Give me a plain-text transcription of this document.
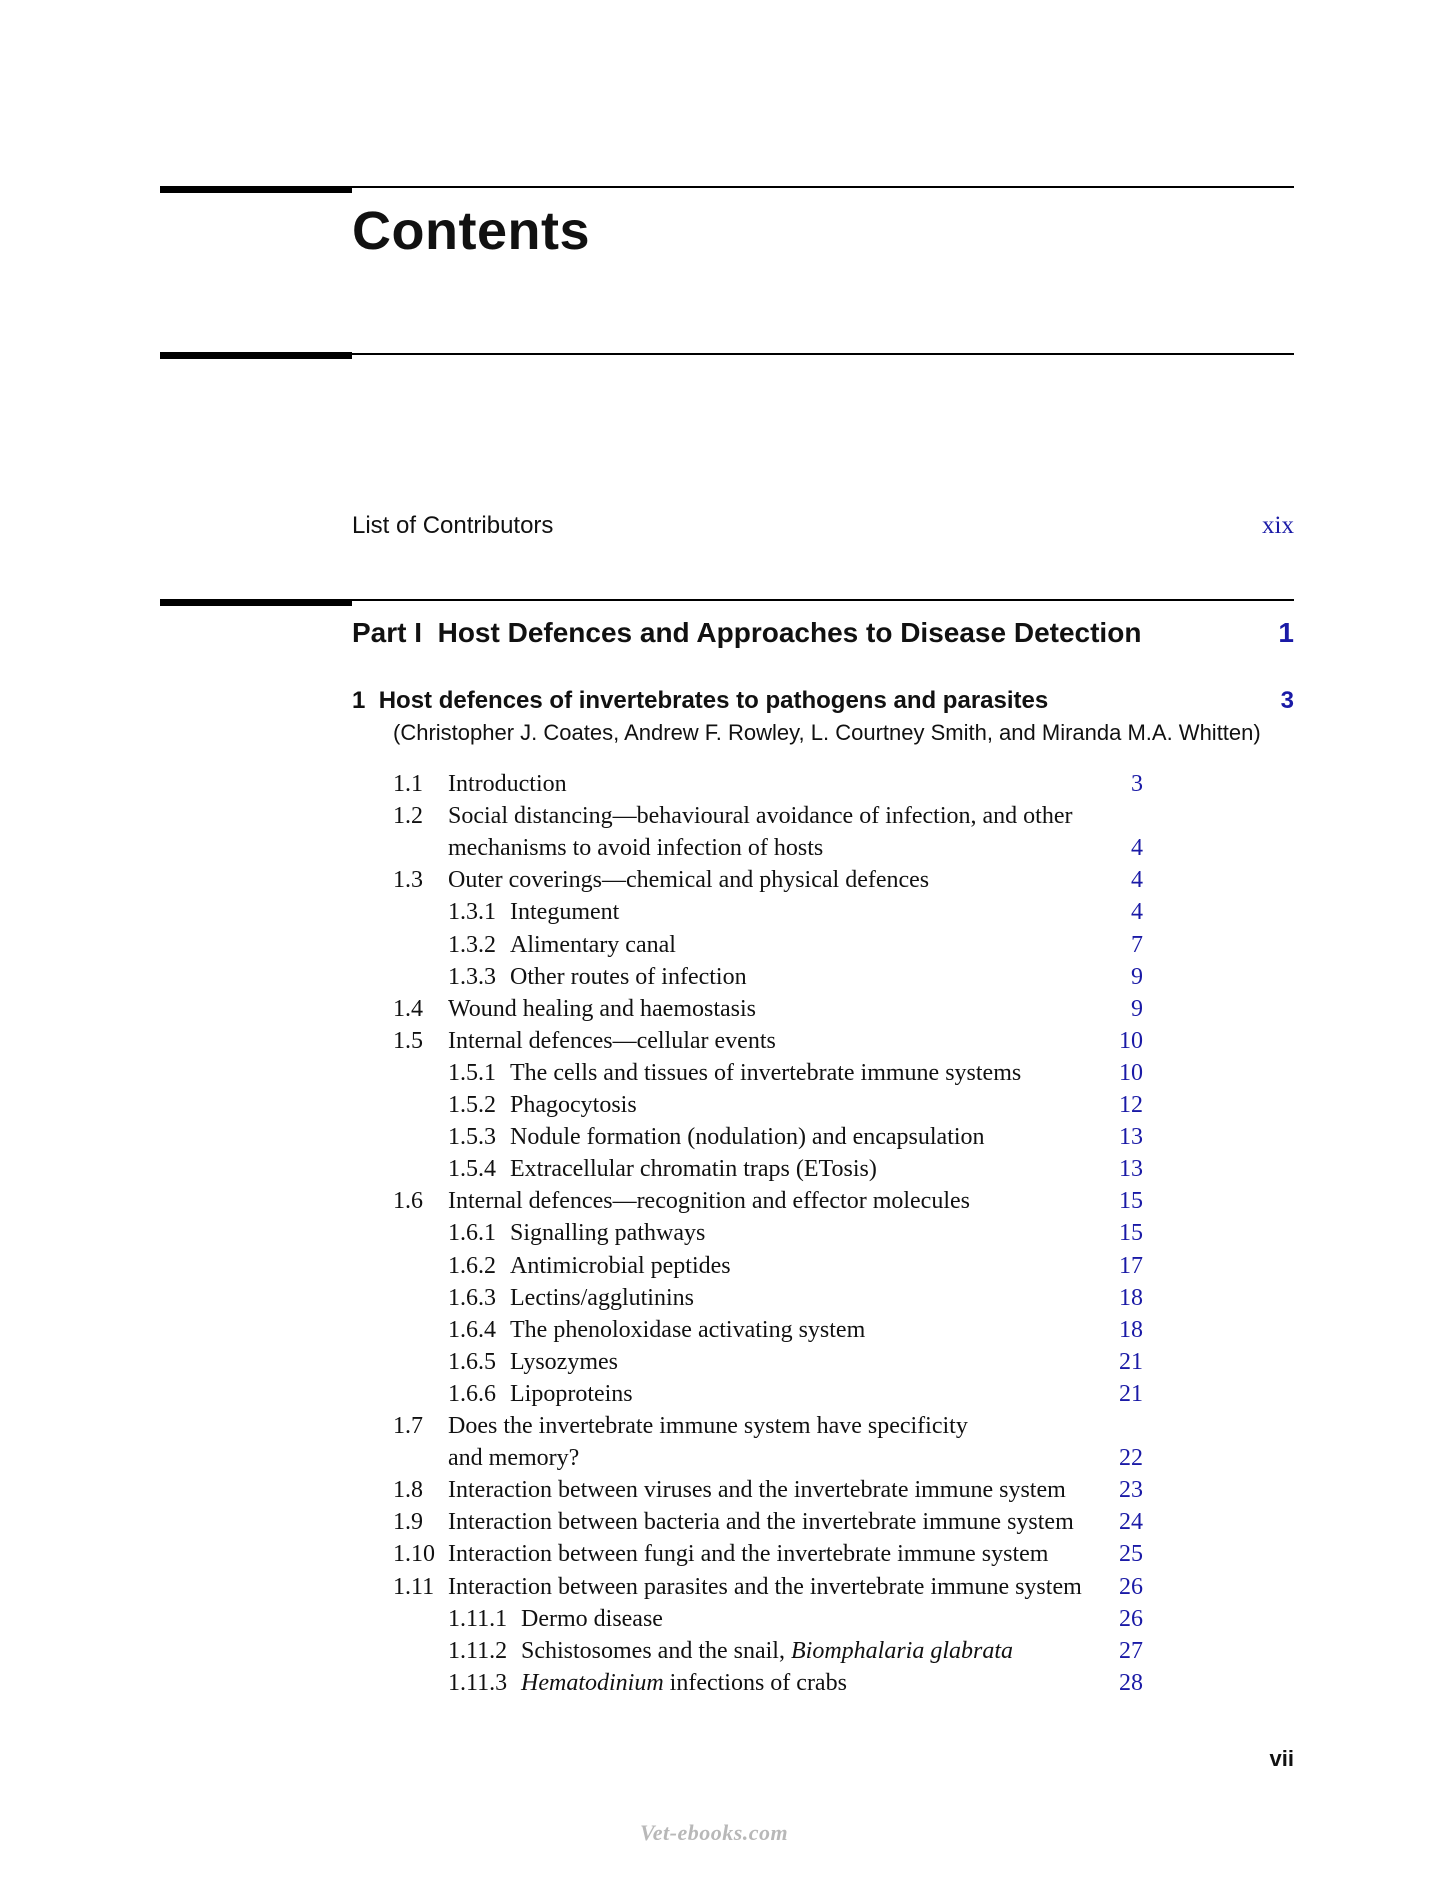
Contents
List of Contributors	xix
Part I Host Defences and Approaches to Disease Detection	1
1 Host defences of invertebrates to pathogens and parasites	3
(Christopher J. Coates, Andrew F. Rowley, L. Courtney Smith, and Miranda M.A. Whitten)
1.1 Introduction	3
1.2 Social distancing—behavioural avoidance of infection, and other
mechanisms to avoid infection of hosts	4
1.3 Outer coverings—chemical and physical defences	4
1.3.1 Integument	4
1.3.2 Alimentary canal	7
1.3.3 Other routes of infection	9
1.4 Wound healing and haemostasis	9
1.5 Internal defences—cellular events	10
1.5.1 The cells and tissues of invertebrate immune systems	10
1.5.2 Phagocytosis	12
1.5.3 Nodule formation (nodulation) and encapsulation	13
1.5.4 Extracellular chromatin traps (ETosis)	13
1.6 Internal defences—recognition and effector molecules	15
1.6.1 Signalling pathways	15
1.6.2 Antimicrobial peptides	17
1.6.3 Lectins/agglutinins	18
1.6.4 The phenoloxidase activating system	18
1.6.5 Lysozymes	21
1.6.6 Lipoproteins	21
1.7 Does the invertebrate immune system have specificity
and memory?	22
1.8 Interaction between viruses and the invertebrate immune system 23
1.9 Interaction between bacteria and the invertebrate immune system 24
1.10 Interaction between fungi and the invertebrate immune system	25
1.11 Interaction between parasites and the invertebrate immune system 26
1.11.1 Dermo disease	26
1.11.2 Schistosomes and the snail, Biomphalaria glabrata	27
1.11.3 Hematodinium infections of crabs	28
vii
Vet-ebooks.com
